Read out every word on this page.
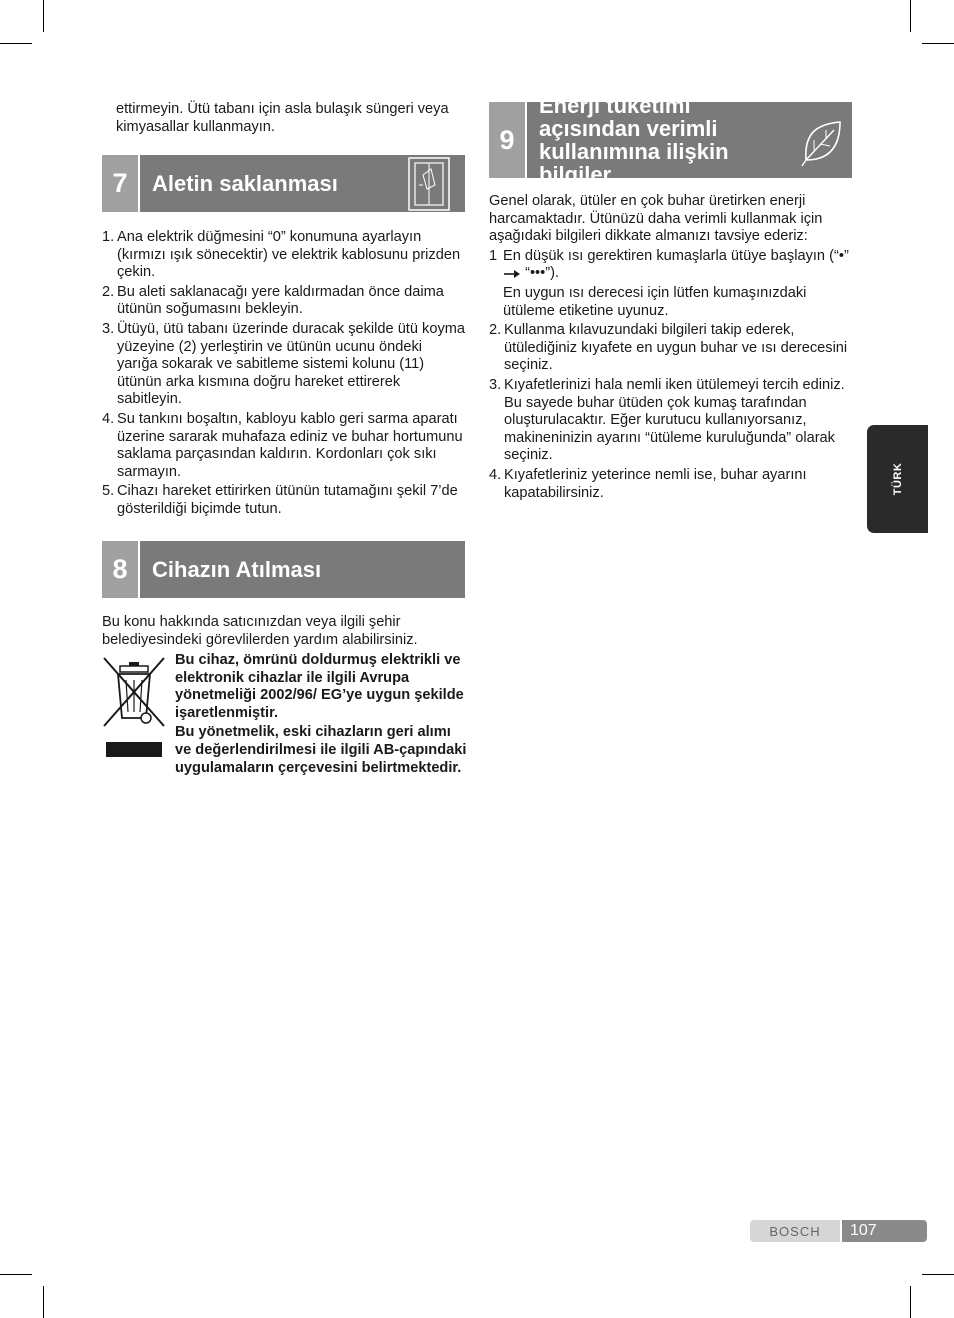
ettirmeyin. Ütü tabanı için asla bulaşık süngeri veya kimyasallar kullanmayın.

7	Aletin saklanması
1. Ana elektrik düğmesini “0” konumuna ayarlayın (kırmızı ışık sönecektir) ve elektrik kablosunu prizden çekin.
2. Bu aleti saklanacağı yere kaldırmadan önce daima ütünün soğumasını bekleyin.
3. Ütüyü, ütü tabanı üzerinde duracak şekilde ütü koyma yüzeyine (2) yerleştirin ve ütünün ucunu öndeki yarığa sokarak ve sabitleme sistemi kolunu (11) ütünün arka kısmına doğru hareket ettirerek sabitleyin.
4. Su tankını boşaltın, kabloyu kablo geri sarma aparatı üzerine sararak muhafaza ediniz ve buhar hortumunu saklama parçasından kaldırın. Kordonları çok sıkı sarmayın.
5. Cihazı hareket ettirirken ütünün tutamağını şekil 7’de gösterildiği biçimde tutun.
8	Cihazın Atılması

Bu konu hakkında satıcınızdan veya ilgili şehir belediyesindeki görevlilerden yardım alabilirsiniz.

Bu cihaz, ömrünü doldurmuş elektrikli ve elektronik cihazlar ile ilgili Avrupa yönetmeliği 2002/96/ EG’ye uygun şekilde işaretlenmiştir.

Bu yönetmelik, eski cihazların geri alımı ve değerlendirilmesi ile ilgili AB-çapındaki uygulamaların çerçevesini belirtmektedir.

9
Enerji tüketimi açısından verimli kullanımına ilişkin bilgiler

Genel olarak, ütüler en çok buhar üretirken enerji harcamaktadır. Ütünüzü daha verimli kullanmak için aşağıdaki bilgileri dikkate almanızı tavsiye ederiz:

1 En düşük ısı gerektiren kumaşlarla ütüye başlayın (“•”  “•••”).

En uygun ısı derecesi için lütfen kumaşınızdaki ütüleme etiketine uyunuz.

2. Kullanma kılavuzundaki bilgileri takip ederek, ütülediğiniz kıyafete en uygun buhar ve ısı derecesini seçiniz.
3. Kıyafetlerinizi hala nemli iken ütülemeyi tercih ediniz. Bu sayede buhar ütüden çok kumaş tarafından oluşturulacaktır. Eğer kurutucu kullanıyorsanız, makineninizin ayarını “ütüleme kuruluğunda” olarak seçiniz.
4. Kıyafetleriniz yeterince nemli ise, buhar ayarını kapatabilirsiniz.	TÜRK
BOSCH	107
